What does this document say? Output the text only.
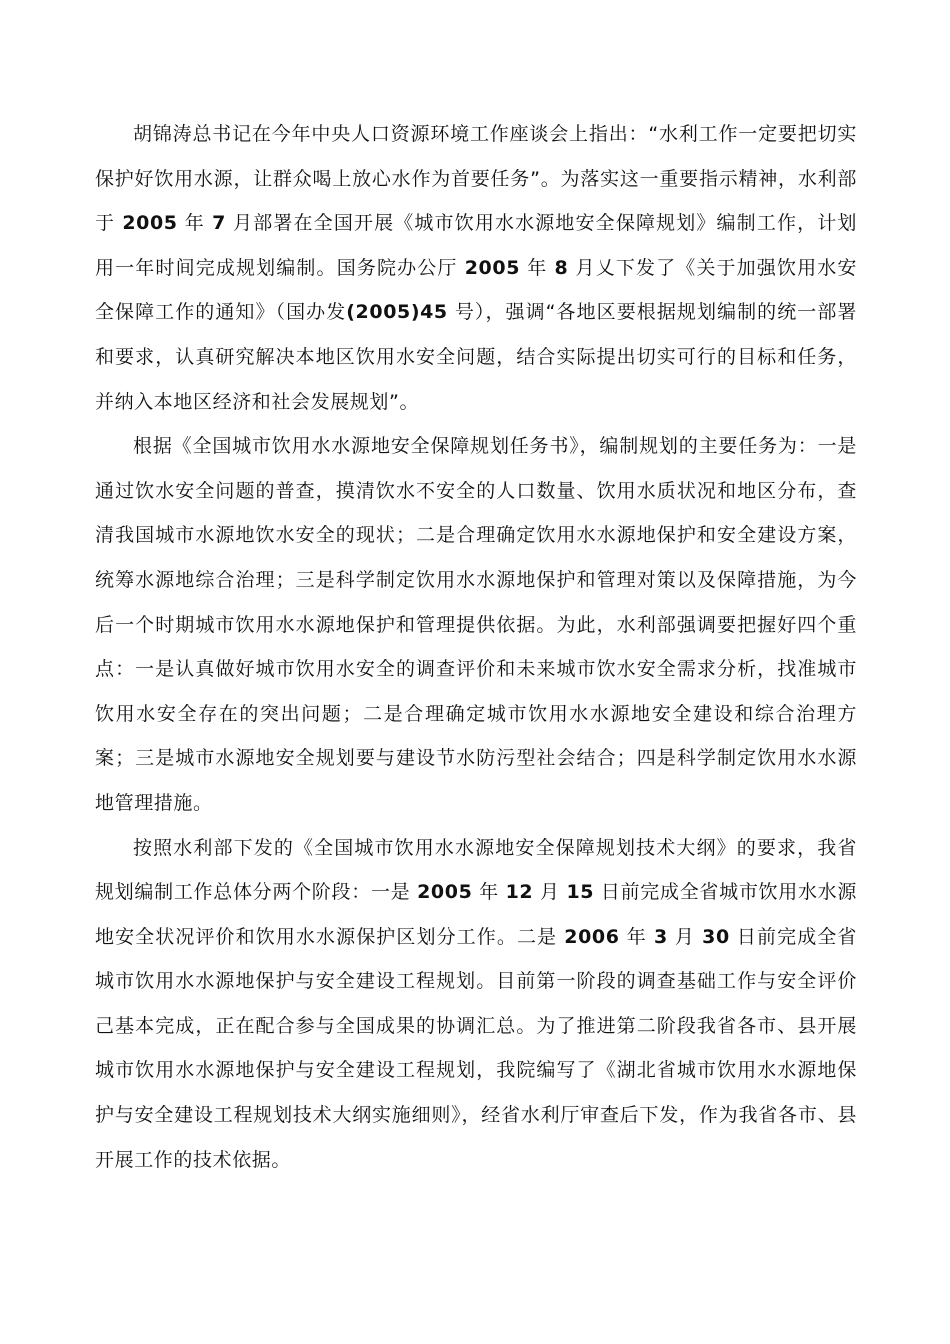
胡锦涛总书记在今年中央人口资源环境工作座谈会上指出：“水利工作一定要把切实保护好饮用水源，让群众喝上放心水作为首要任务”。为落实这一重要指示精神，水利部于 2005 年 7 月部署在全国开展《城市饮用水水源地安全保障规划》编制工作，计划用一年时间完成规划编制。国务院办公厅 2005 年 8 月乂下发了《关于加强饮用水安全保障工作的通知》（国办发(2005)45 号），强调“各地区要根据规划编制的统一部署和要求，认真研究解决本地区饮用水安全问题，结合实际提出切实可行的目标和任务，并纳入本地区经济和社会发展规划”。

根据《全国城市饮用水水源地安全保障规划任务书》，编制规划的主要任务为：一是通过饮水安全问题的普查，摸清饮水不安全的人口数量、饮用水质状况和地区分布，查清我国城市水源地饮水安全的现状；二是合理确定饮用水水源地保护和安全建设方案，统筹水源地综合治理；三是科学制定饮用水水源地保护和管理对策以及保障措施，为今后一个时期城市饮用水水源地保护和管理提供依据。为此，水利部强调要把握好四个重点：一是认真做好城市饮用水安全的调查评价和未来城市饮水安全需求分析，找准城市饮用水安全存在的突出问题；二是合理确定城市饮用水水源地安全建设和综合治理方案；三是城市水源地安全规划要与建设节水防污型社会结合；四是科学制定饮用水水源地管理措施。

按照水利部下发的《全国城市饮用水水源地安全保障规划技术大纲》的要求，我省规划编制工作总体分两个阶段：一是 2005 年 12 月 15 日前完成全省城市饮用水水源地安全状况评价和饮用水水源保护区划分工作。二是 2006 年 3 月 30 日前完成全省城市饮用水水源地保护与安全建设工程规划。目前第一阶段的调查基础工作与安全评价己基本完成，正在配合参与全国成果的协调汇总。为了推进第二阶段我省各市、县开展城市饮用水水源地保护与安全建设工程规划，我院编写了《湖北省城市饮用水水源地保护与安全建设工程规划技术大纲实施细则》，经省水利厅审查后下发，作为我省各市、县开展工作的技术依据。
